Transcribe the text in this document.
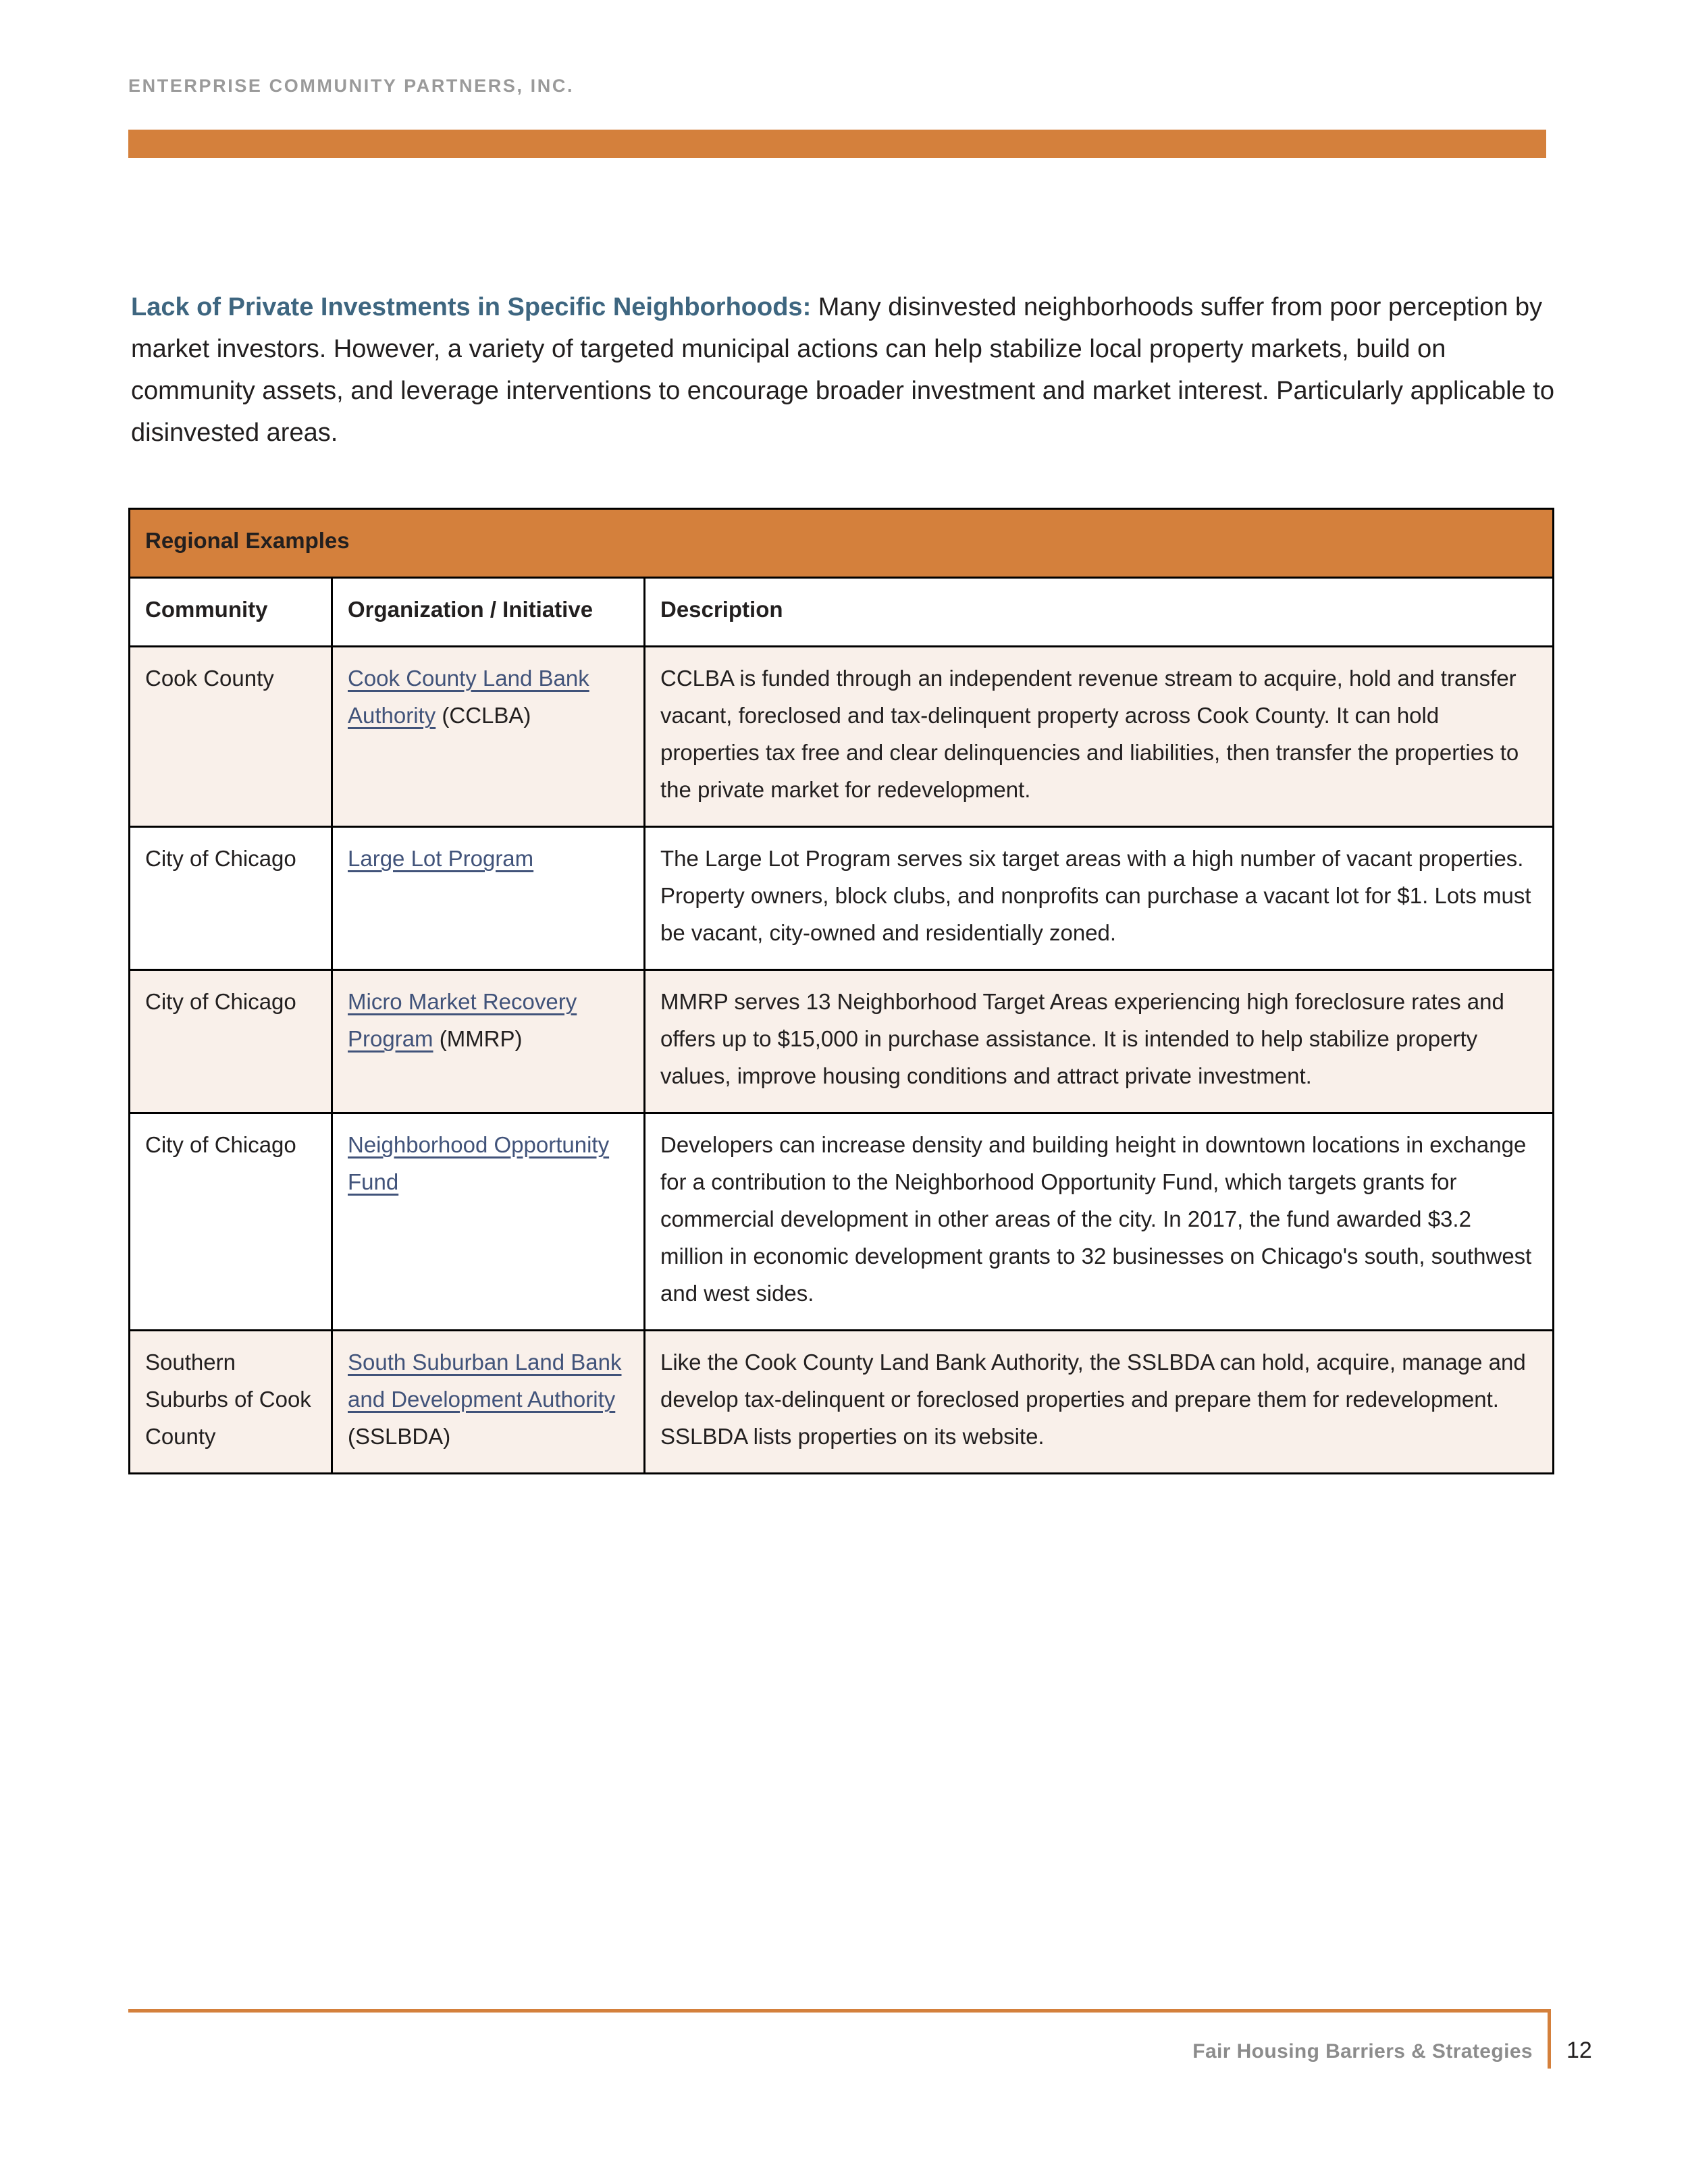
ENTERPRISE COMMUNITY PARTNERS, INC.
Lack of Private Investments in Specific Neighborhoods: Many disinvested neighborhoods suffer from poor perception by market investors. However, a variety of targeted municipal actions can help stabilize local property markets, build on community assets, and leverage interventions to encourage broader investment and market interest. Particularly applicable to disinvested areas.
Regional Examples		
Community	Organization / Initiative	Description
Cook County	Cook County Land Bank Authority (CCLBA)	CCLBA is funded through an independent revenue stream to acquire, hold and transfer vacant, foreclosed and tax-delinquent property across Cook County. It can hold properties tax free and clear delinquencies and liabilities, then transfer the properties to the private market for redevelopment.
City of Chicago	Large Lot Program	The Large Lot Program serves six target areas with a high number of vacant properties. Property owners, block clubs, and nonprofits can purchase a vacant lot for $1. Lots must be vacant, city-owned and residentially zoned.
City of Chicago	Micro Market Recovery Program (MMRP)	MMRP serves 13 Neighborhood Target Areas experiencing high foreclosure rates and offers up to $15,000 in purchase assistance. It is intended to help stabilize property values, improve housing conditions and attract private investment.
City of Chicago	Neighborhood Opportunity Fund	Developers can increase density and building height in downtown locations in exchange for a contribution to the Neighborhood Opportunity Fund, which targets grants for commercial development in other areas of the city. In 2017, the fund awarded $3.2 million in economic development grants to 32 businesses on Chicago's south, southwest and west sides.
Southern Suburbs of Cook County	South Suburban Land Bank and Development Authority (SSLBDA)	Like the Cook County Land Bank Authority, the SSLBDA can hold, acquire, manage and develop tax-delinquent or foreclosed properties and prepare them for redevelopment. SSLBDA lists properties on its website.
Fair Housing Barriers & Strategies 12
